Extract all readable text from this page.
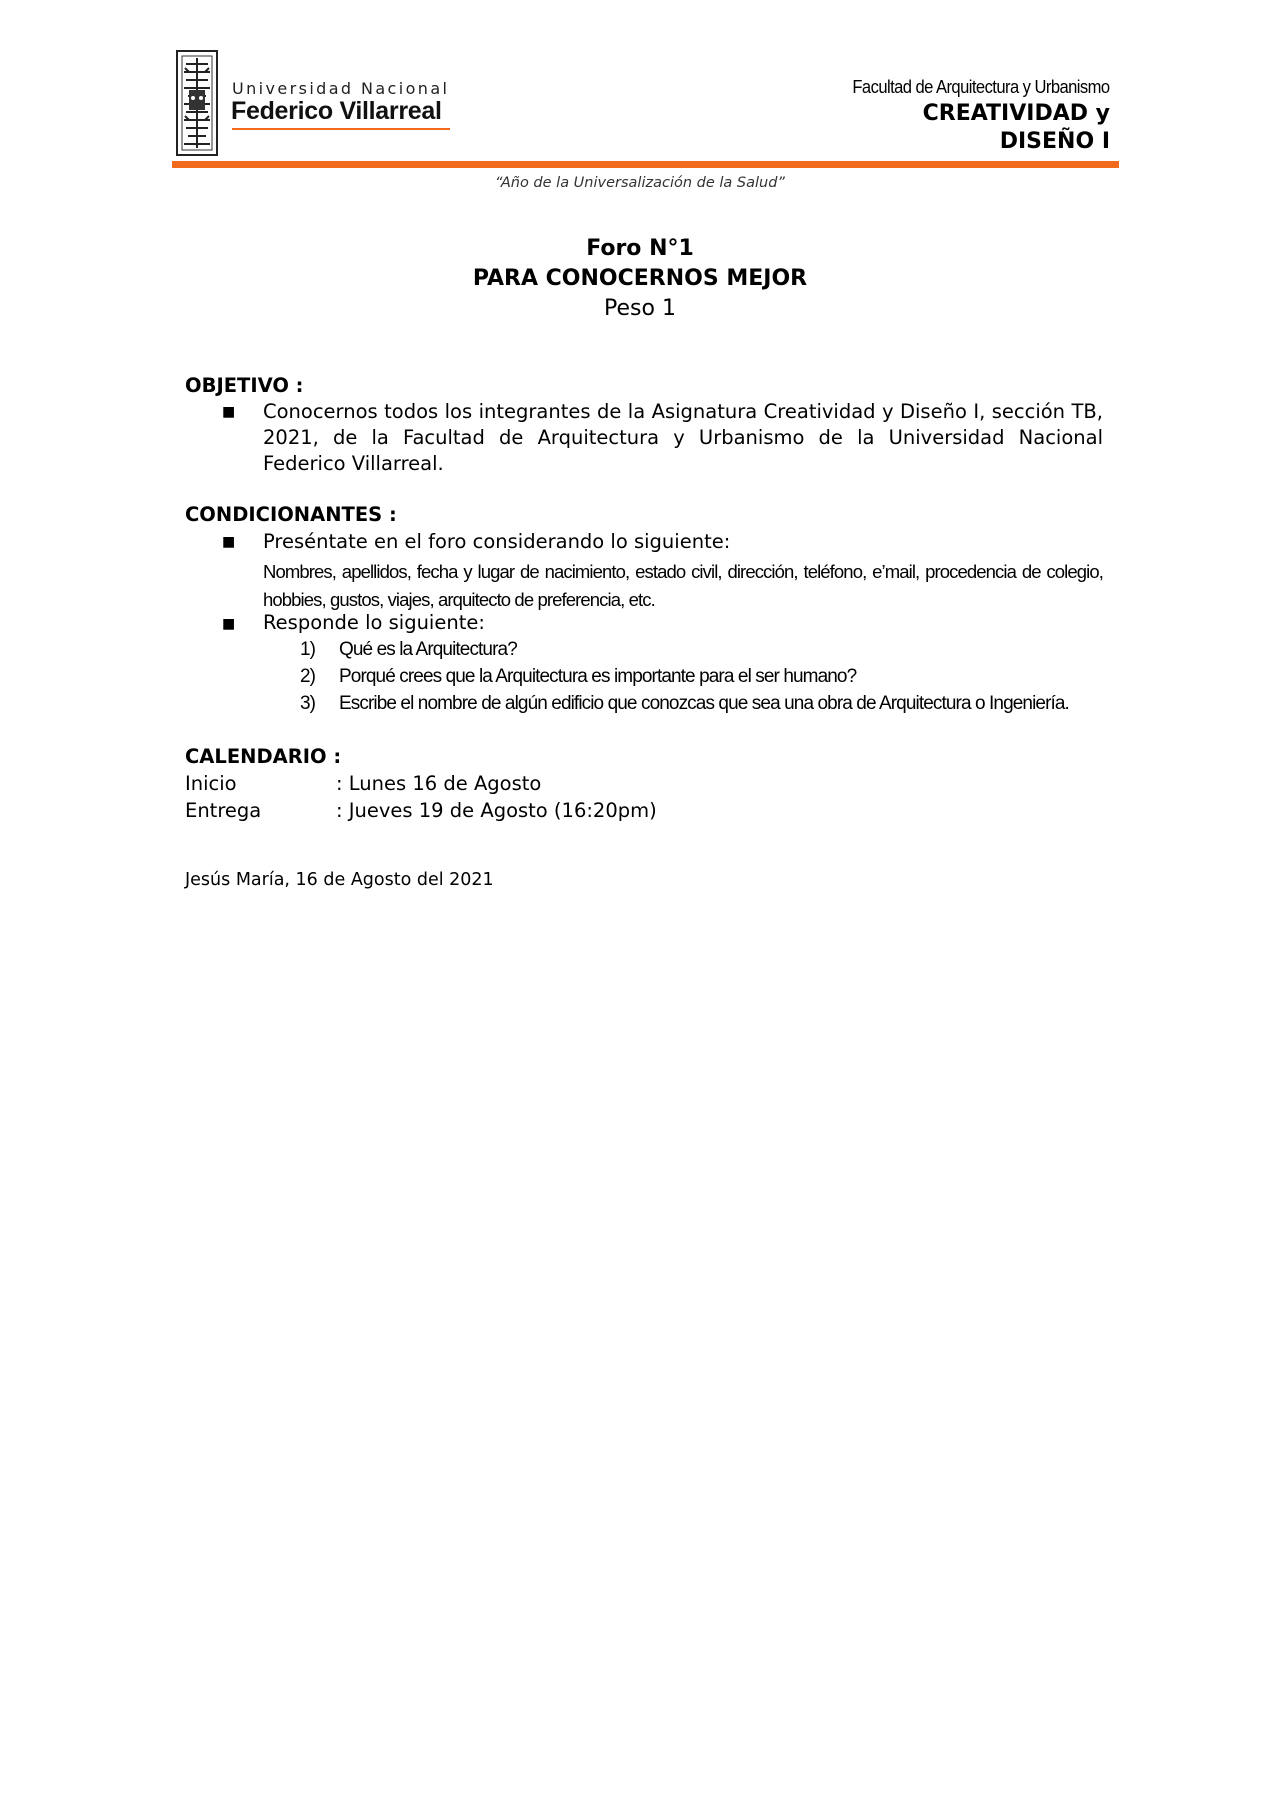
Universidad Nacional
Federico Villarreal
Facultad de Arquitectura y Urbanismo
CREATIVIDAD y DISEÑO I
“Año de la Universalización de la Salud”
Foro N°1
PARA CONOCERNOS MEJOR
Peso 1
OBJETIVO :
■ Conocernos todos los integrantes de la Asignatura Creatividad y Diseño I, sección TB, 2021, de la Facultad de Arquitectura y Urbanismo de la Universidad Nacional Federico Villarreal.
CONDICIONANTES :
■ Preséntate en el foro considerando lo siguiente:
Nombres, apellidos, fecha y lugar de nacimiento, estado civil, dirección, teléfono, e’mail, procedencia de colegio, hobbies, gustos, viajes, arquitecto de preferencia, etc.
■ Responde lo siguiente:
1) Qué es la Arquitectura?
2) Porqué crees que la Arquitectura es importante para el ser humano?
3) Escribe el nombre de algún edificio que conozcas que sea una obra de Arquitectura o Ingeniería.
CALENDARIO :
Inicio	: Lunes 16 de Agosto
Entrega	: Jueves 19 de Agosto (16:20pm)
Jesús María, 16 de Agosto del 2021
